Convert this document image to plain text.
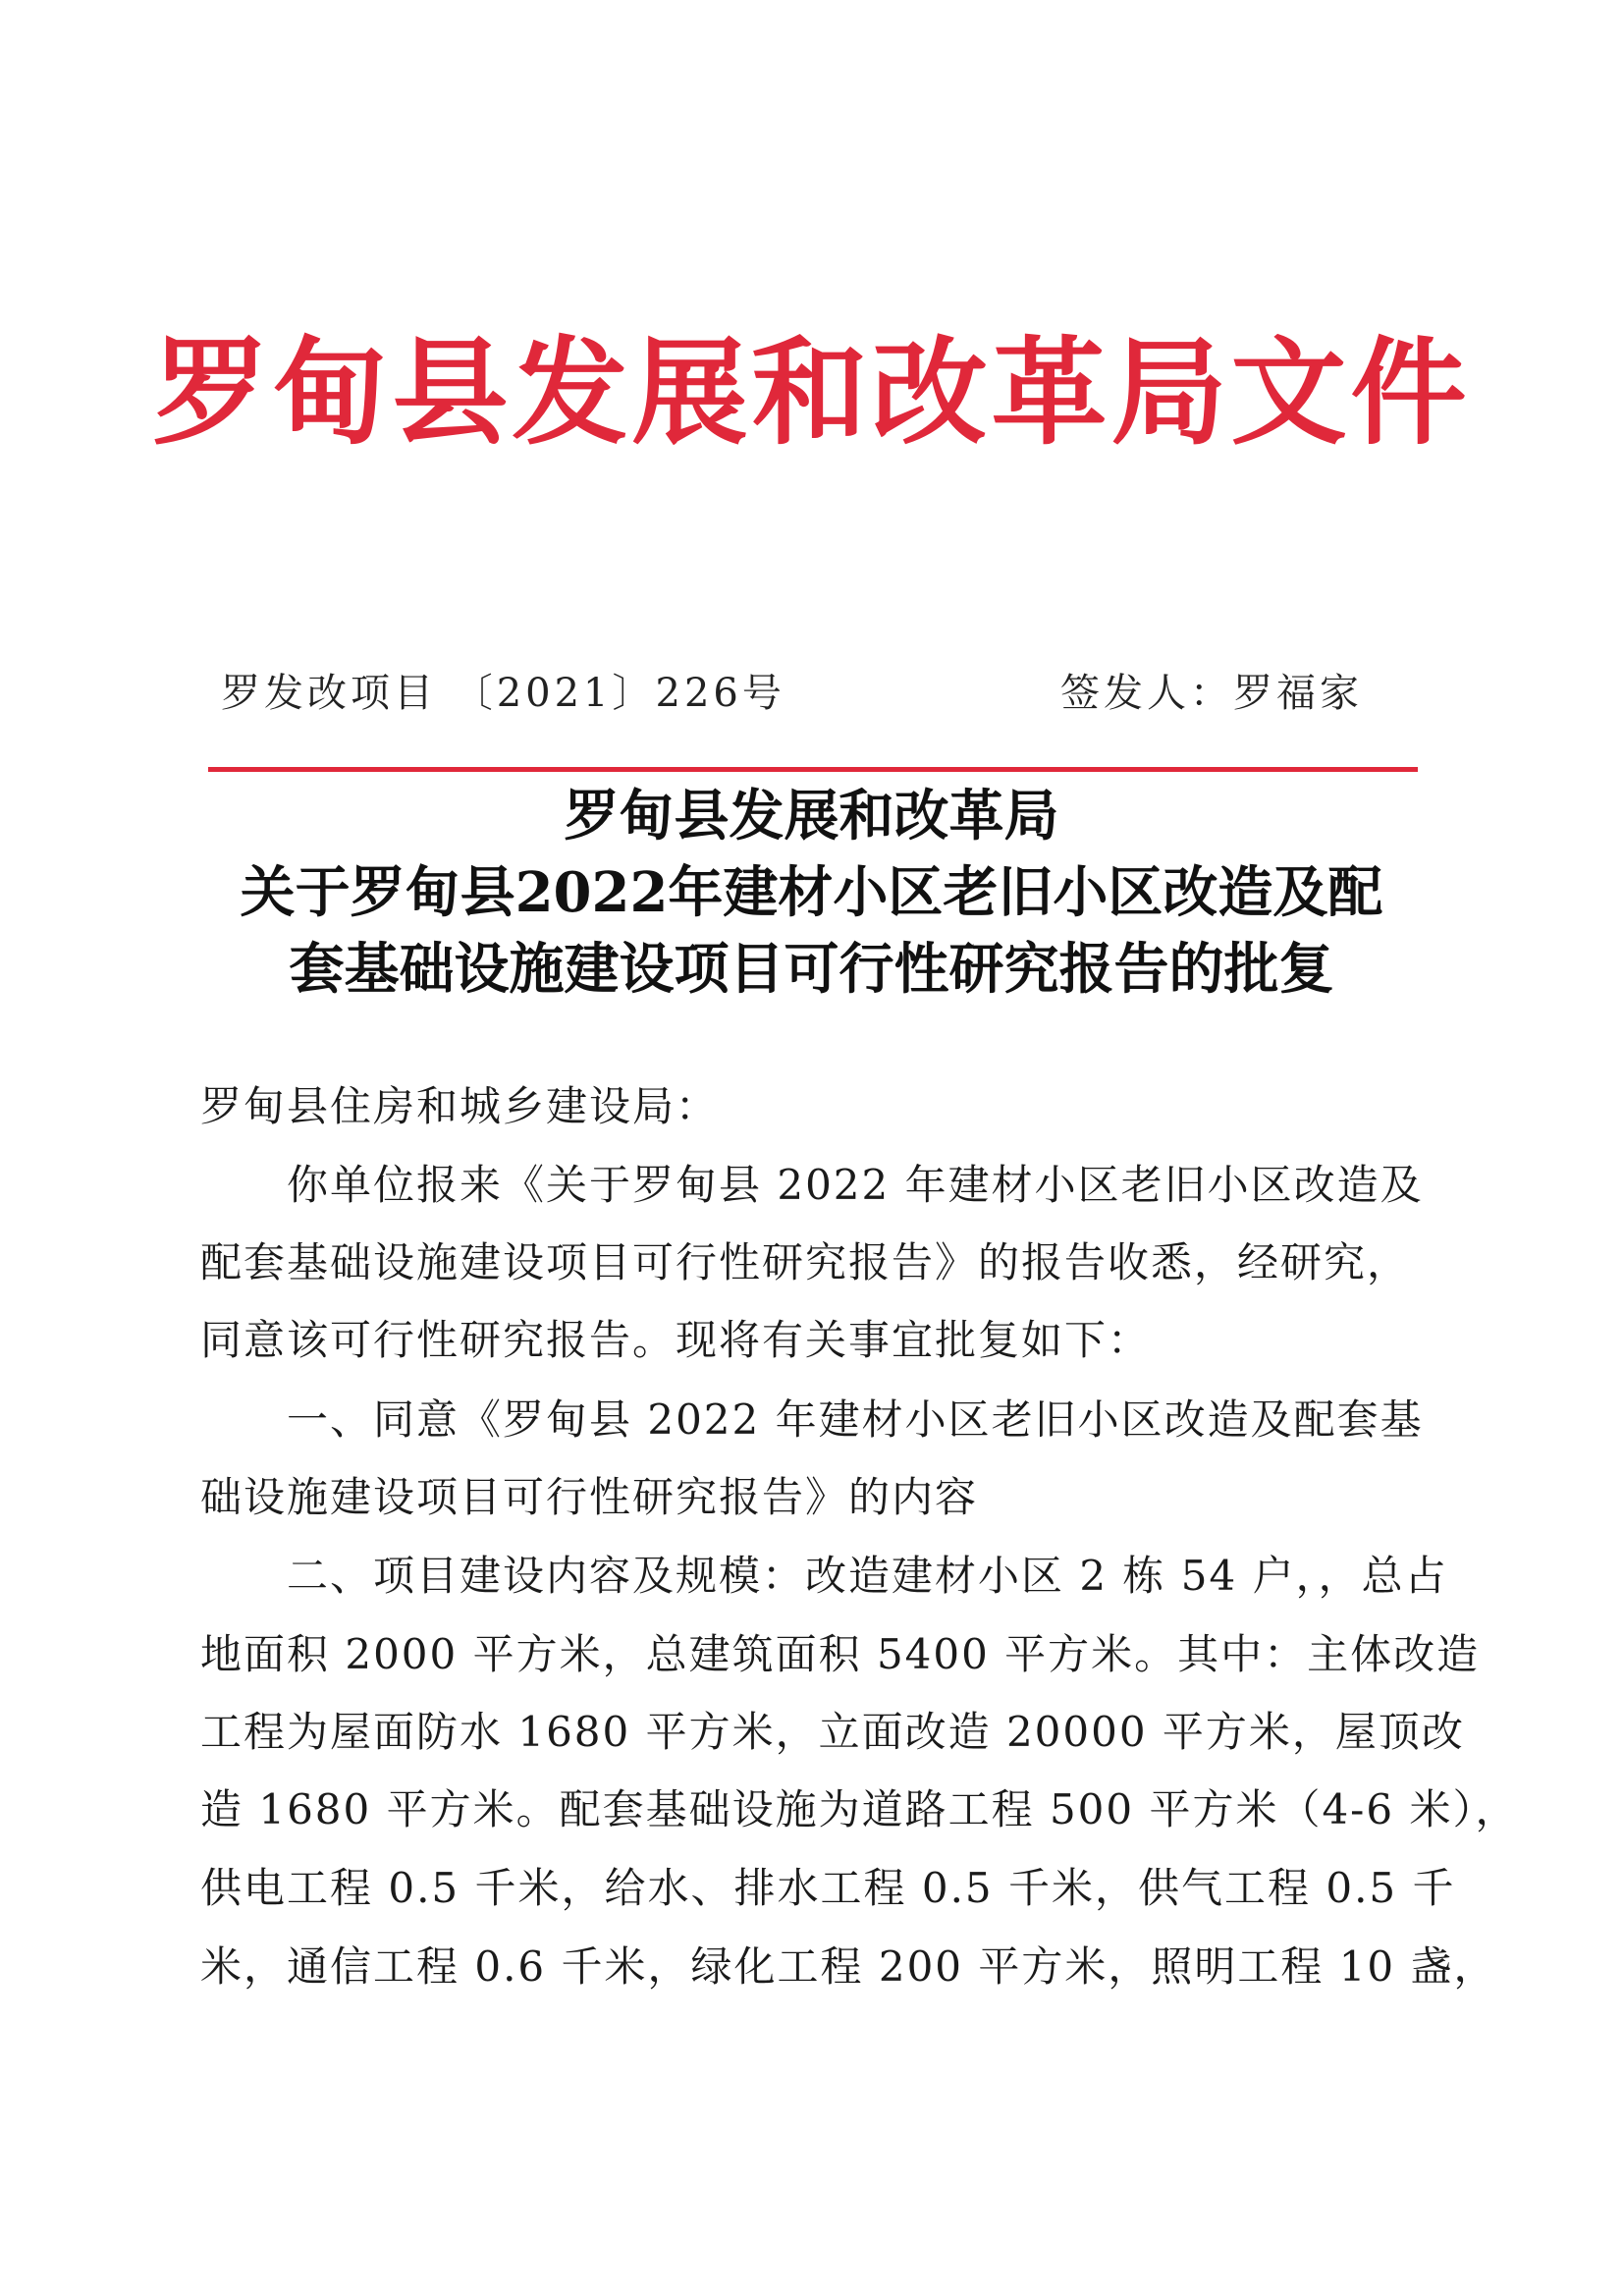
罗甸县发展和改革局文件
罗发改项目 〔2021〕226号	签发人：罗福家
罗甸县发展和改革局
关于罗甸县2022年建材小区老旧小区改造及配
套基础设施建设项目可行性研究报告的批复
罗甸县住房和城乡建设局：
　　你单位报来《关于罗甸县 2022 年建材小区老旧小区改造及
配套基础设施建设项目可行性研究报告》的报告收悉，经研究，
同意该可行性研究报告。现将有关事宜批复如下：
　　一、同意《罗甸县 2022 年建材小区老旧小区改造及配套基
础设施建设项目可行性研究报告》的内容
　　二、项目建设内容及规模：改造建材小区 2 栋 54 户，，总占
地面积 2000 平方米，总建筑面积 5400 平方米。其中：主体改造
工程为屋面防水 1680 平方米，立面改造 20000 平方米，屋顶改
造 1680 平方米。配套基础设施为道路工程 500 平方米（4-6 米），
供电工程 0.5 千米，给水、排水工程 0.5 千米，供气工程 0.5 千
米，通信工程 0.6 千米，绿化工程 200 平方米，照明工程 10 盏，
